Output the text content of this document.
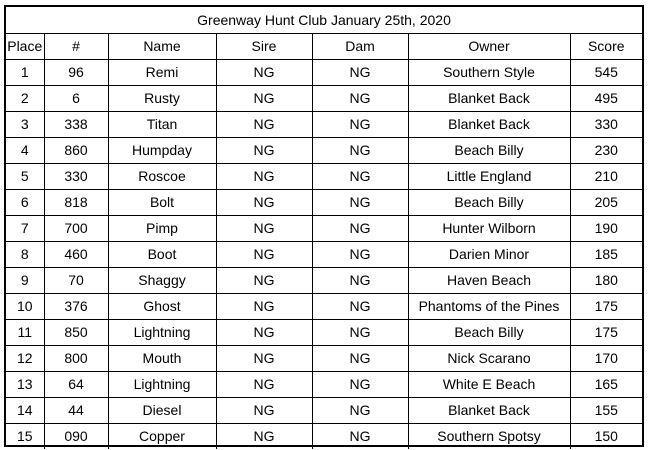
Greenway Hunt Club January 25th, 2020
Place	#	Name	Sire	Dam	Owner	Score
1	96	Remi	NG	NG	Southern Style	545
2	6	Rusty	NG	NG	Blanket Back	495
3	338	Titan	NG	NG	Blanket Back	330
4	860	Humpday	NG	NG	Beach Billy	230
5	330	Roscoe	NG	NG	Little England	210
6	818	Bolt	NG	NG	Beach Billy	205
7	700	Pimp	NG	NG	Hunter Wilborn	190
8	460	Boot	NG	NG	Darien Minor	185
9	70	Shaggy	NG	NG	Haven Beach	180
10	376	Ghost	NG	NG	Phantoms of the Pines	175
11	850	Lightning	NG	NG	Beach Billy	175
12	800	Mouth	NG	NG	Nick Scarano	170
13	64	Lightning	NG	NG	White E Beach	165
14	44	Diesel	NG	NG	Blanket Back	155
15	090	Copper	NG	NG	Southern Spotsy	150
